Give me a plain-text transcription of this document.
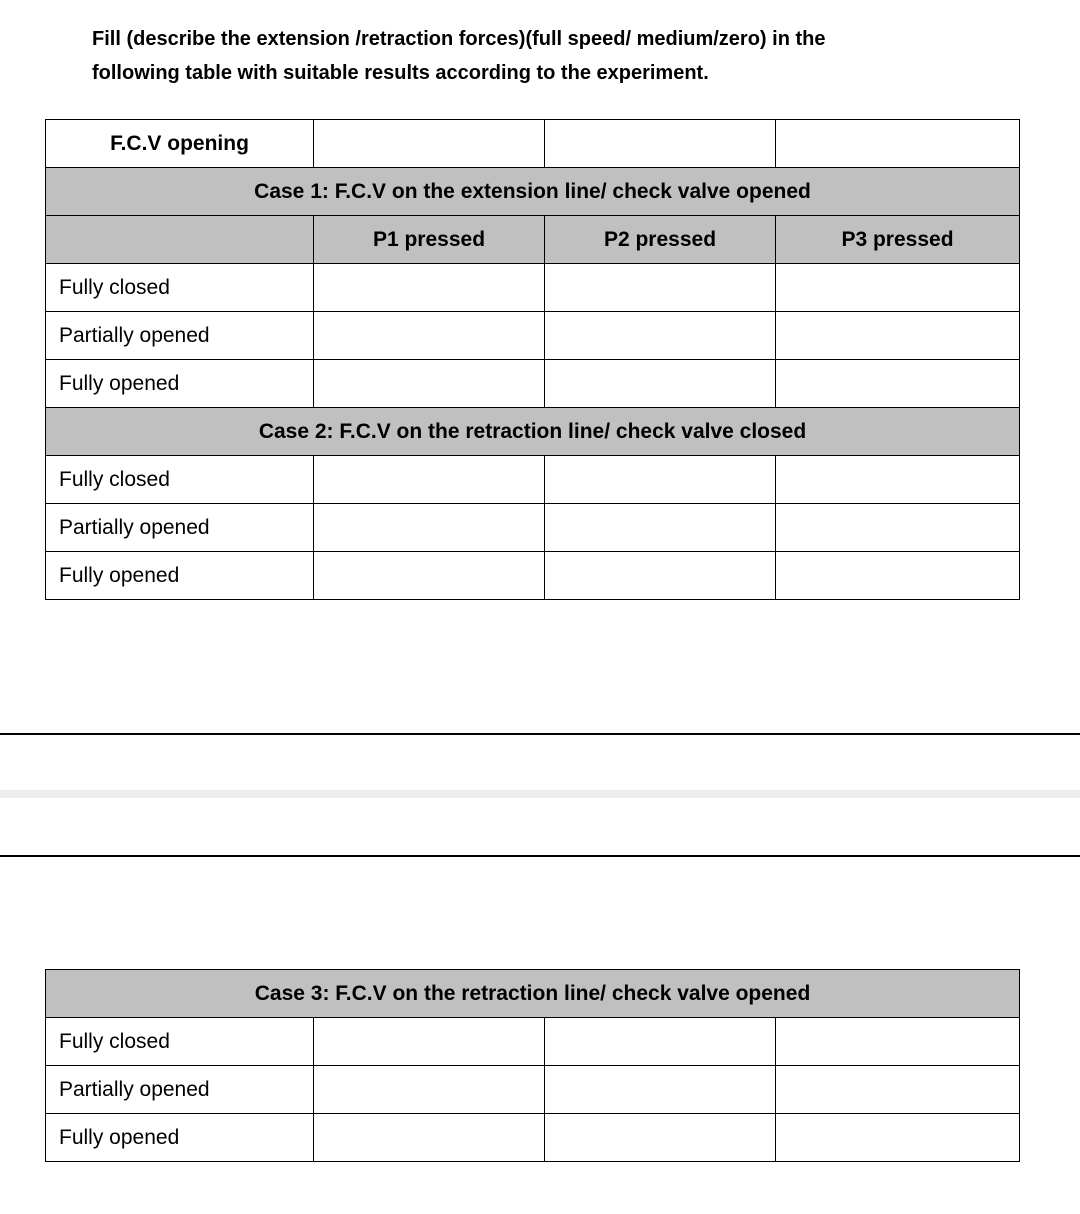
Fill (describe the extension /retraction forces)(full speed/ medium/zero) in the
following table with suitable results according to the experiment.
F.C.V opening			
Case 1: F.C.V on the extension line/ check valve opened			
	P1 pressed	P2 pressed	P3 pressed
Fully closed			
Partially opened			
Fully opened			
Case 2: F.C.V on the retraction line/ check valve closed			
Fully closed			
Partially opened			
Fully opened			
Case 3: F.C.V on the retraction line/ check valve opened			
Fully closed			
Partially opened			
Fully opened			
